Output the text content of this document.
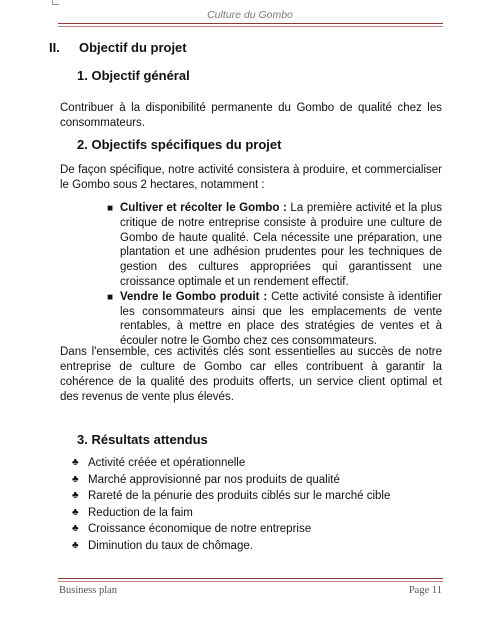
Culture du Gombo
II. Objectif du projet
1. Objectif général
Contribuer à la disponibilité permanente du Gombo de qualité chez les consommateurs.
2. Objectifs spécifiques du projet
De façon spécifique, notre activité consistera à produire, et commercialiser le Gombo sous 2 hectares, notamment :
■ Cultiver et récolter le Gombo : La première activité et la plus critique de notre entreprise consiste à produire une culture de Gombo de haute qualité. Cela nécessite une préparation, une plantation et une adhésion prudentes pour les techniques de gestion des cultures appropriées qui garantissent une croissance optimale et un rendement effectif.
■ Vendre le Gombo produit : Cette activité consiste à identifier les consommateurs ainsi que les emplacements de vente rentables, à mettre en place des stratégies de ventes et à écouler notre le Gombo chez ces consommateurs.
Dans l'ensemble, ces activités clés sont essentielles au succès de notre entreprise de culture de Gombo car elles contribuent à garantir la cohérence de la qualité des produits offerts, un service client optimal et des revenus de vente plus élevés.
3. Résultats attendus
♣ Activité créée et opérationnelle
♣ Marché approvisionné par nos produits de qualité
♣ Rareté de la pénurie des produits ciblés sur le marché cible
♣ Reduction de la faim
♣ Croissance économique de notre entreprise
♣ Diminution du taux de chômage.
Business plan	Page 11
